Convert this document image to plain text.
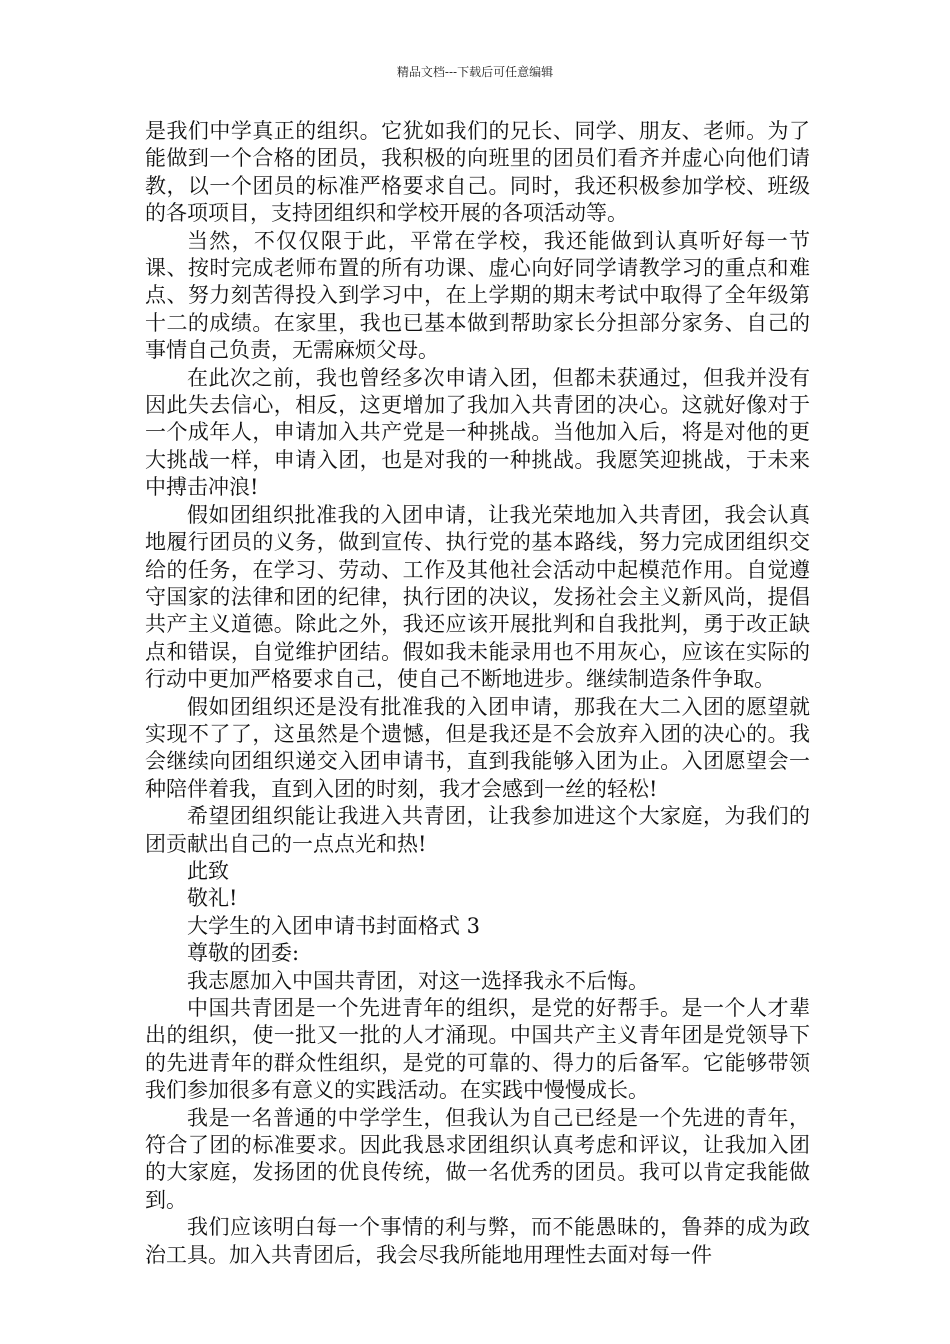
精品文档---下载后可任意编辑

是我们中学真正的组织。它犹如我们的兄长、同学、朋友、老师。为了能做到一个合格的团员，我积极的向班里的团员们看齐并虚心向他们请教，以一个团员的标准严格要求自己。同时，我还积极参加学校、班级的各项项目，支持团组织和学校开展的各项活动等。

当然，不仅仅限于此，平常在学校，我还能做到认真听好每一节课、按时完成老师布置的所有功课、虚心向好同学请教学习的重点和难点、努力刻苦得投入到学习中，在上学期的期末考试中取得了全年级第十二的成绩。在家里，我也已基本做到帮助家长分担部分家务、自己的事情自己负责，无需麻烦父母。

在此次之前，我也曾经多次申请入团，但都未获通过，但我并没有因此失去信心，相反，这更增加了我加入共青团的决心。这就好像对于一个成年人，申请加入共产党是一种挑战。当他加入后，将是对他的更大挑战一样，申请入团，也是对我的一种挑战。我愿笑迎挑战，于未来中搏击冲浪!

假如团组织批准我的入团申请，让我光荣地加入共青团，我会认真地履行团员的义务，做到宣传、执行党的基本路线，努力完成团组织交给的任务，在学习、劳动、工作及其他社会活动中起模范作用。自觉遵守国家的法律和团的纪律，执行团的决议，发扬社会主义新风尚，提倡共产主义道德。除此之外，我还应该开展批判和自我批判，勇于改正缺点和错误，自觉维护团结。假如我未能录用也不用灰心，应该在实际的行动中更加严格要求自己，使自己不断地进步。继续制造条件争取。

假如团组织还是没有批准我的入团申请，那我在大二入团的愿望就实现不了了，这虽然是个遗憾，但是我还是不会放弃入团的决心的。我会继续向团组织递交入团申请书，直到我能够入团为止。入团愿望会一种陪伴着我，直到入团的时刻，我才会感到一丝的轻松!

希望团组织能让我进入共青团，让我参加进这个大家庭，为我们的团贡献出自己的一点点光和热!

此致

敬礼!

大学生的入团申请书封面格式 3

尊敬的团委:

我志愿加入中国共青团，对这一选择我永不后悔。

中国共青团是一个先进青年的组织，是党的好帮手。是一个人才辈出的组织，使一批又一批的人才涌现。中国共产主义青年团是党领导下的先进青年的群众性组织，是党的可靠的、得力的后备军。它能够带领我们参加很多有意义的实践活动。在实践中慢慢成长。

我是一名普通的中学学生，但我认为自己已经是一个先进的青年，符合了团的标准要求。因此我恳求团组织认真考虑和评议，让我加入团的大家庭，发扬团的优良传统，做一名优秀的团员。我可以肯定我能做到。

我们应该明白每一个事情的利与弊，而不能愚昧的，鲁莽的成为政治工具。加入共青团后，我会尽我所能地用理性去面对每一件
